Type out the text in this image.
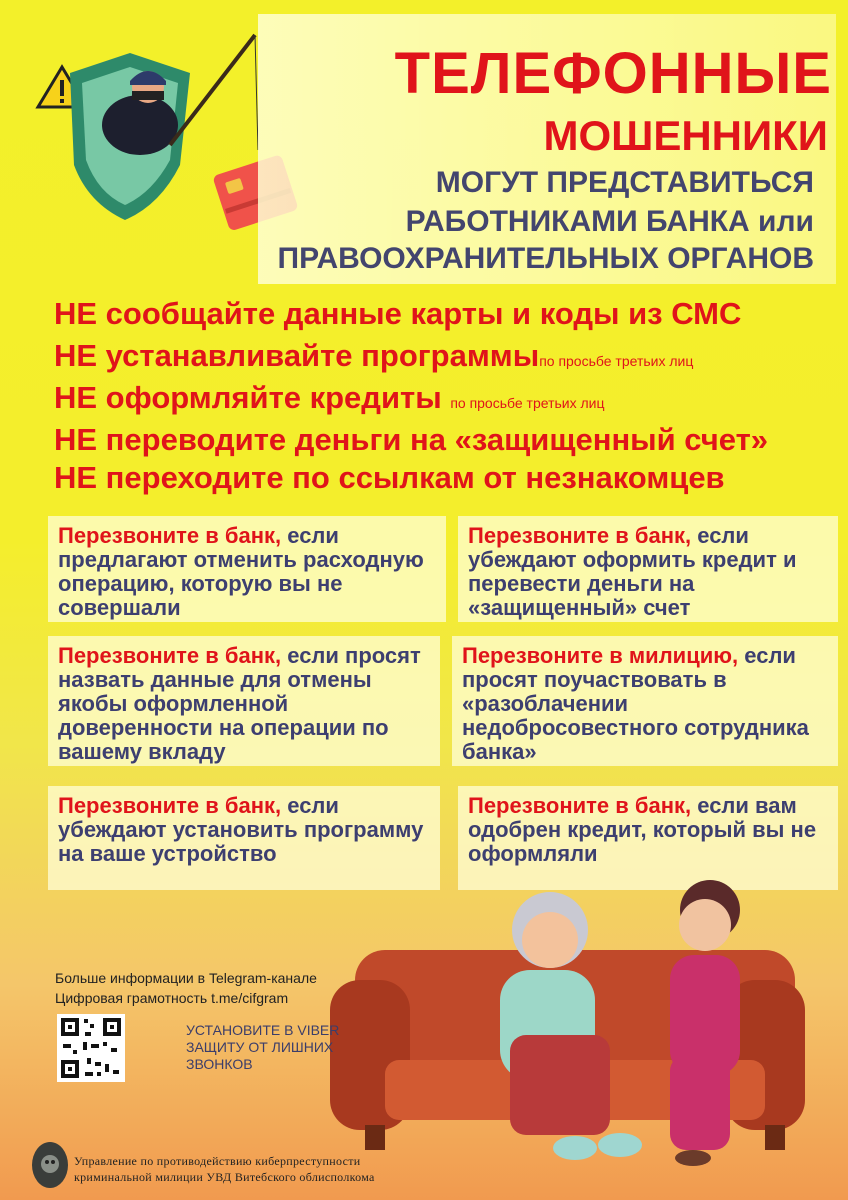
ТЕЛЕФОННЫЕ
МОШЕННИКИ
МОГУТ ПРЕДСТАВИТЬСЯ
РАБОТНИКАМИ БАНКА или
ПРАВООХРАНИТЕЛЬНЫХ ОРГАНОВ
НЕ сообщайте данные карты и коды из СМС
НЕ устанавливайте программыпо просьбе третьих лиц
НЕ оформляйте кредиты по просьбе третьих лиц
НЕ переводите деньги на «защищенный счет»
НЕ переходите по ссылкам от незнакомцев
Перезвоните в банк, если предлагают отменить расходную операцию, которую вы не совершали
Перезвоните в банк, если убеждают оформить кредит и перевести деньги на «защищенный» счет
Перезвоните в банк, если просят назвать данные для отмены якобы оформленной доверенности на операции по вашему вкладу
Перезвоните в милицию, если просят поучаствовать в «разоблачении недобросовестного сотрудника банка»
Перезвоните в банк, если убеждают установить программу на ваше устройство
Перезвоните в банк, если вам одобрен кредит, который вы не оформляли
Больше информации в Telegram-канале
Цифровая грамотность t.me/cifgram
УСТАНОВИТЕ В VIBER ЗАЩИТУ ОТ ЛИШНИХ ЗВОНКОВ
Управление по противодействию киберпреступности
криминальной милиции УВД Витебского облисполкома
